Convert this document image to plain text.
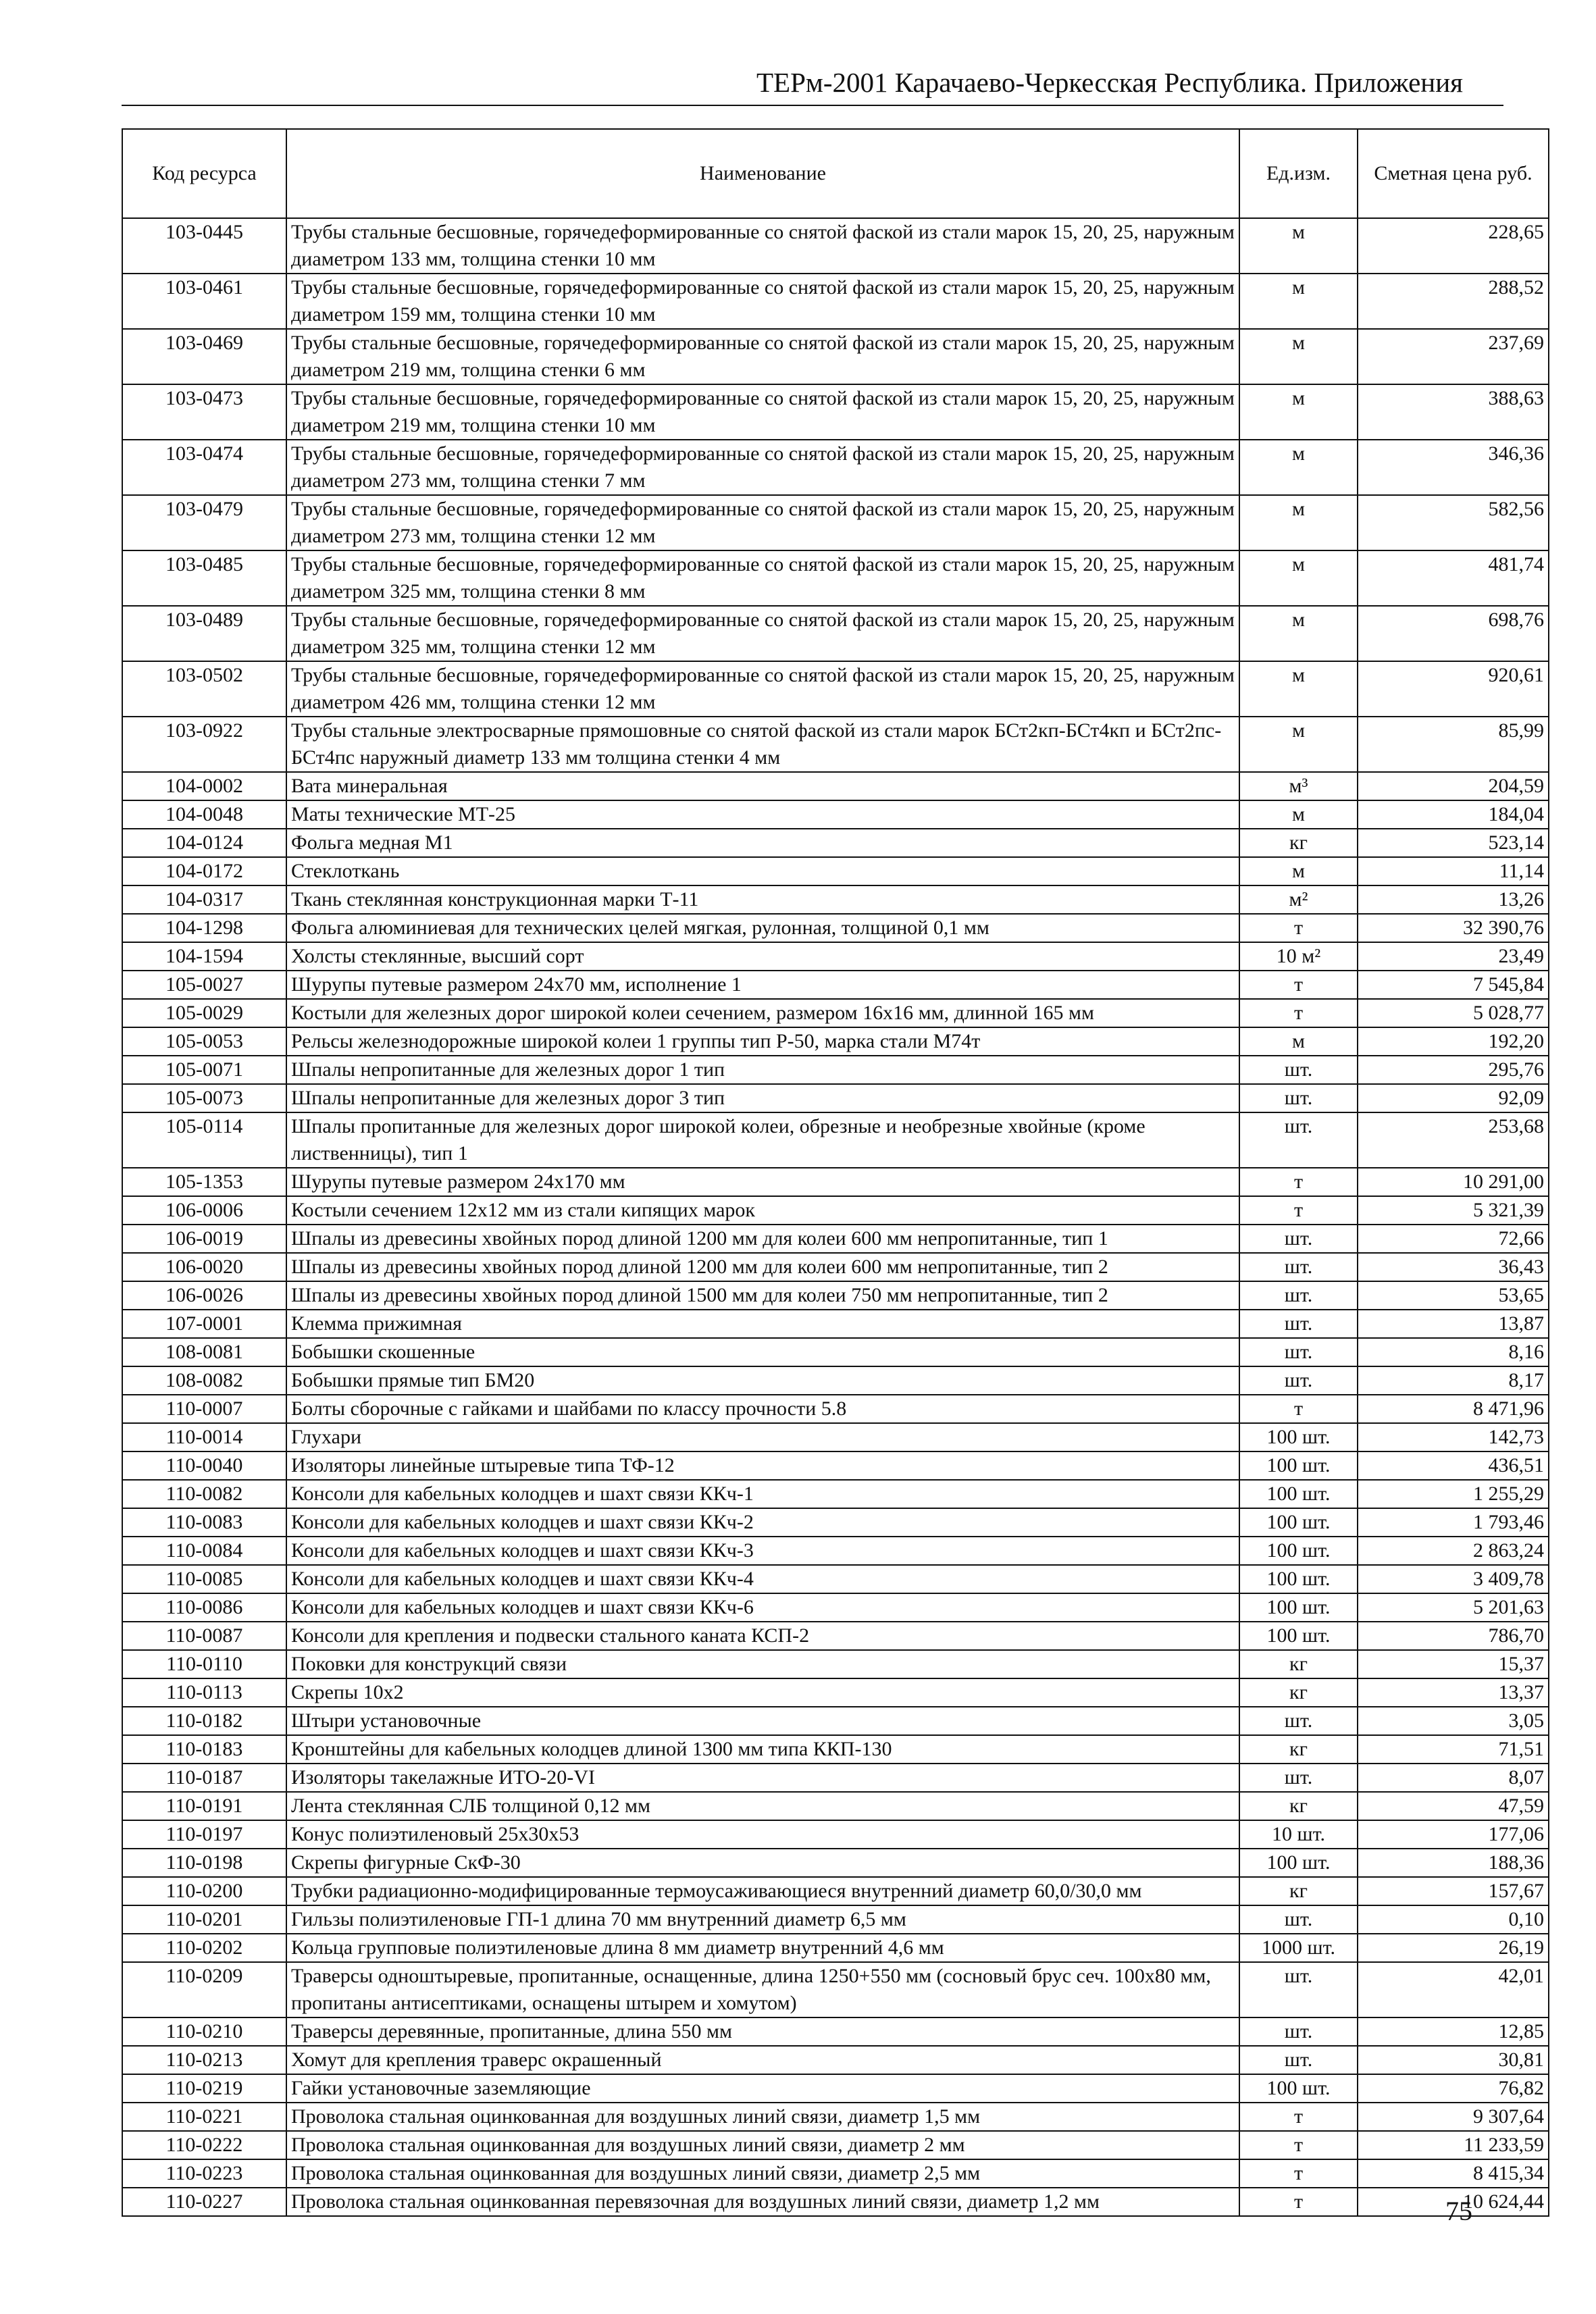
ТЕРм-2001 Карачаево-Черкесская Республика. Приложения
Код ресурса	Наименование	Ед.изм.	Сметная цена руб.
103-0445	Трубы стальные бесшовные, горячедеформированные со снятой фаской из стали марок 15, 20, 25, наружным диаметром 133 мм, толщина стенки 10 мм	м	228,65
103-0461	Трубы стальные бесшовные, горячедеформированные со снятой фаской из стали марок 15, 20, 25, наружным диаметром 159 мм, толщина стенки 10 мм	м	288,52
103-0469	Трубы стальные бесшовные, горячедеформированные со снятой фаской из стали марок 15, 20, 25, наружным диаметром 219 мм, толщина стенки 6 мм	м	237,69
103-0473	Трубы стальные бесшовные, горячедеформированные со снятой фаской из стали марок 15, 20, 25, наружным диаметром 219 мм, толщина стенки 10 мм	м	388,63
103-0474	Трубы стальные бесшовные, горячедеформированные со снятой фаской из стали марок 15, 20, 25, наружным диаметром 273 мм, толщина стенки 7 мм	м	346,36
103-0479	Трубы стальные бесшовные, горячедеформированные со снятой фаской из стали марок 15, 20, 25, наружным диаметром 273 мм, толщина стенки 12 мм	м	582,56
103-0485	Трубы стальные бесшовные, горячедеформированные со снятой фаской из стали марок 15, 20, 25, наружным диаметром 325 мм, толщина стенки 8 мм	м	481,74
103-0489	Трубы стальные бесшовные, горячедеформированные со снятой фаской из стали марок 15, 20, 25, наружным диаметром 325 мм, толщина стенки 12 мм	м	698,76
103-0502	Трубы стальные бесшовные, горячедеформированные со снятой фаской из стали марок 15, 20, 25, наружным диаметром 426 мм, толщина стенки 12 мм	м	920,61
103-0922	Трубы стальные электросварные прямошовные со снятой фаской из стали марок БСт2кп-БСт4кп и БСт2пс-БСт4пс наружный диаметр 133 мм толщина стенки 4 мм	м	85,99
104-0002	Вата минеральная	м³	204,59
104-0048	Маты технические МТ-25	м	184,04
104-0124	Фольга медная М1	кг	523,14
104-0172	Стеклоткань	м	11,14
104-0317	Ткань стеклянная конструкционная марки Т-11	м²	13,26
104-1298	Фольга алюминиевая для технических целей мягкая, рулонная, толщиной 0,1 мм	т	32 390,76
104-1594	Холсты стеклянные, высший сорт	10 м²	23,49
105-0027	Шурупы путевые размером 24х70 мм, исполнение 1	т	7 545,84
105-0029	Костыли для железных дорог широкой колеи сечением, размером 16х16 мм, длинной 165 мм	т	5 028,77
105-0053	Рельсы железнодорожные широкой колеи 1 группы тип Р-50, марка стали М74т	м	192,20
105-0071	Шпалы непропитанные для железных дорог 1 тип	шт.	295,76
105-0073	Шпалы непропитанные для железных дорог 3 тип	шт.	92,09
105-0114	Шпалы пропитанные для железных дорог широкой колеи, обрезные и необрезные хвойные (кроме лиственницы), тип 1	шт.	253,68
105-1353	Шурупы путевые размером 24х170 мм	т	10 291,00
106-0006	Костыли сечением 12х12 мм из стали кипящих марок	т	5 321,39
106-0019	Шпалы из древесины хвойных пород длиной 1200 мм для колеи 600 мм непропитанные, тип 1	шт.	72,66
106-0020	Шпалы из древесины хвойных пород длиной 1200 мм для колеи 600 мм непропитанные, тип 2	шт.	36,43
106-0026	Шпалы из древесины хвойных пород длиной 1500 мм для колеи 750 мм непропитанные, тип 2	шт.	53,65
107-0001	Клемма прижимная	шт.	13,87
108-0081	Бобышки скошенные	шт.	8,16
108-0082	Бобышки прямые тип БМ20	шт.	8,17
110-0007	Болты сборочные с гайками и шайбами по классу прочности 5.8	т	8 471,96
110-0014	Глухари	100 шт.	142,73
110-0040	Изоляторы линейные штыревые типа ТФ-12	100 шт.	436,51
110-0082	Консоли для кабельных колодцев и шахт связи ККч-1	100 шт.	1 255,29
110-0083	Консоли для кабельных колодцев и шахт связи ККч-2	100 шт.	1 793,46
110-0084	Консоли для кабельных колодцев и шахт связи ККч-3	100 шт.	2 863,24
110-0085	Консоли для кабельных колодцев и шахт связи ККч-4	100 шт.	3 409,78
110-0086	Консоли для кабельных колодцев и шахт связи ККч-6	100 шт.	5 201,63
110-0087	Консоли для крепления и подвески стального каната КСП-2	100 шт.	786,70
110-0110	Поковки для конструкций связи	кг	15,37
110-0113	Скрепы 10х2	кг	13,37
110-0182	Штыри установочные	шт.	3,05
110-0183	Кронштейны для кабельных колодцев длиной 1300 мм типа ККП-130	кг	71,51
110-0187	Изоляторы такелажные ИТО-20-VI	шт.	8,07
110-0191	Лента стеклянная СЛБ толщиной 0,12 мм	кг	47,59
110-0197	Конус полиэтиленовый 25х30х53	10 шт.	177,06
110-0198	Скрепы фигурные СкФ-30	100 шт.	188,36
110-0200	Трубки радиационно-модифицированные термоусаживающиеся внутренний диаметр 60,0/30,0 мм	кг	157,67
110-0201	Гильзы полиэтиленовые ГП-1 длина 70 мм внутренний диаметр 6,5 мм	шт.	0,10
110-0202	Кольца групповые полиэтиленовые длина 8 мм диаметр внутренний 4,6 мм	1000 шт.	26,19
110-0209	Траверсы одноштыревые, пропитанные, оснащенные, длина 1250+550 мм (сосновый брус сеч. 100х80 мм, пропитаны антисептиками, оснащены штырем и хомутом)	шт.	42,01
110-0210	Траверсы деревянные, пропитанные, длина 550 мм	шт.	12,85
110-0213	Хомут для крепления траверс окрашенный	шт.	30,81
110-0219	Гайки установочные заземляющие	100 шт.	76,82
110-0221	Проволока стальная оцинкованная для воздушных линий связи, диаметр 1,5 мм	т	9 307,64
110-0222	Проволока стальная оцинкованная для воздушных линий связи, диаметр 2 мм	т	11 233,59
110-0223	Проволока стальная оцинкованная для воздушных линий связи, диаметр 2,5 мм	т	8 415,34
110-0227	Проволока стальная оцинкованная перевязочная для воздушных линий связи, диаметр 1,2 мм	т	10 624,44
75
